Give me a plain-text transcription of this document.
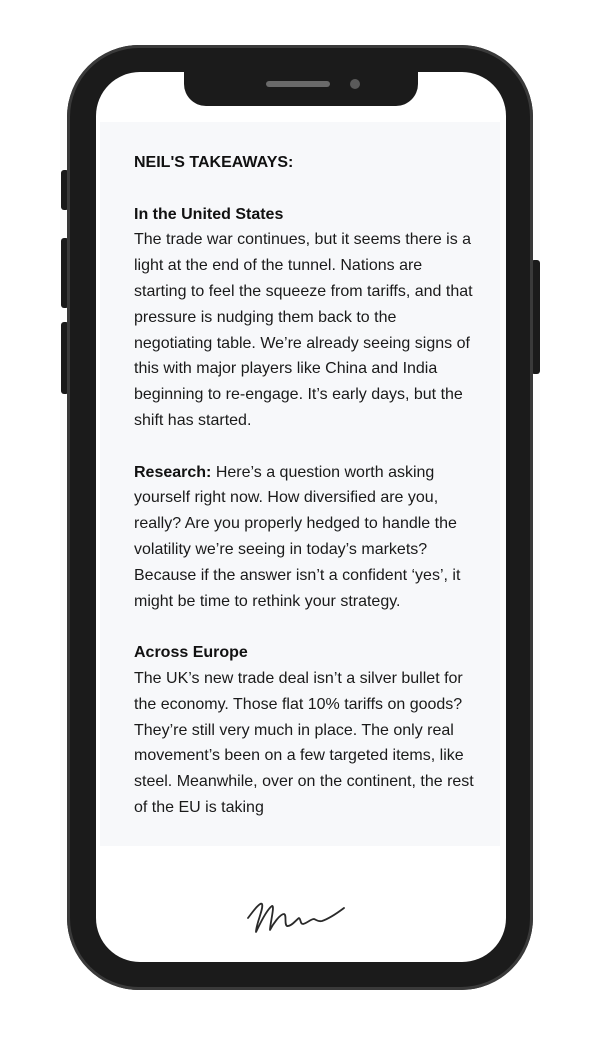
NEIL'S TAKEAWAYS:
In the United States
The trade war continues, but it seems there is a light at the end of the tunnel. Nations are starting to feel the squeeze from tariffs, and that pressure is nudging them back to the negotiating table. We’re already seeing signs of this with major players like China and India beginning to re-engage. It’s early days, but the shift has started.
Research: Here’s a question worth asking yourself right now. How diversified are you, really? Are you properly hedged to handle the volatility we’re seeing in today’s markets? Because if the answer isn’t a confident ‘yes’, it might be time to rethink your strategy.
Across Europe
The UK’s new trade deal isn’t a silver bullet for the economy. Those flat 10% tariffs on goods? They’re still very much in place. The only real movement’s been on a few targeted items, like steel. Meanwhile, over on the continent, the rest of the EU is taking
